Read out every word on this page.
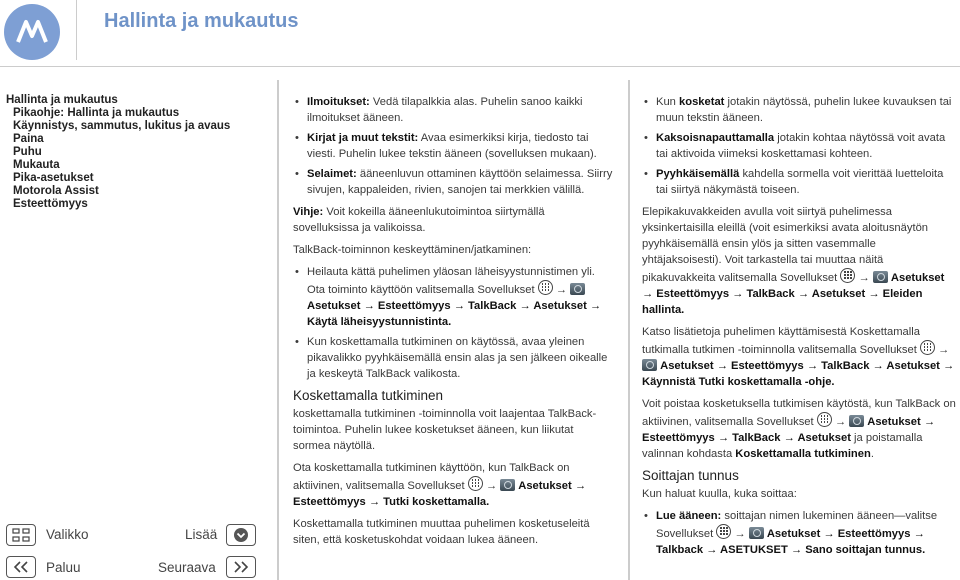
Hallinta ja mukautus
Hallinta ja mukautus
Pikaohje: Hallinta ja mukautus
Käynnistys, sammutus, lukitus ja avaus
Paina
Puhu
Mukauta
Pika-asetukset
Motorola Assist
Esteettömyys
• Ilmoitukset: Vedä tilapalkkia alas. Puhelin sanoo kaikki ilmoitukset ääneen.
• Kirjat ja muut tekstit: Avaa esimerkiksi kirja, tiedosto tai viesti. Puhelin lukee tekstin ääneen (sovelluksen mukaan).
• Selaimet: ääneenluvun ottaminen käyttöön selaimessa. Siirry sivujen, kappaleiden, rivien, sanojen tai merkkien välillä.

Vihje: Voit kokeilla ääneenlukutoimintoa siirtymällä sovelluksissa ja valikoissa.

TalkBack-toiminnon keskeyttäminen/jatkaminen:

• Heilauta kättä puhelimen yläosan läheisyystunnistimen yli. Ota toiminto käyttöön valitsemalla Sovellukset  →  Asetukset → Esteettömyys → TalkBack → Asetukset → Käytä läheisyystunnistinta.
• Kun koskettamalla tutkiminen on käytössä, avaa yleinen pikavalikko pyyhkäisemällä ensin alas ja sen jälkeen oikealle ja keskeytä TalkBack valikosta.
Koskettamalla tutkiminen

koskettamalla tutkiminen -toiminnolla voit laajentaa TalkBack-toimintoa. Puhelin lukee kosketukset ääneen, kun liikutat sormea näytöllä.

Ota koskettamalla tutkiminen käyttöön, kun TalkBack on aktiivinen, valitsemalla Sovellukset  →  Asetukset → Esteettömyys → Tutki koskettamalla.

Koskettamalla tutkiminen muuttaa puhelimen kosketuseleitä siten, että kosketuskohdat voidaan lukea ääneen.

• Kun kosketat jotakin näytössä, puhelin lukee kuvauksen tai muun tekstin ääneen.
• Kaksoisnapauttamalla jotakin kohtaa näytössä voit avata tai aktivoida viimeksi koskettamasi kohteen.
• Pyyhkäisemällä kahdella sormella voit vierittää luetteloita tai siirtyä näkymästä toiseen.

Elepikakuvakkeiden avulla voit siirtyä puhelimessa yksinkertaisilla eleillä (voit esimerkiksi avata aloitusnäytön pyyhkäisemällä ensin ylös ja sitten vasemmalle yhtäjaksoisesti). Voit tarkastella tai muuttaa näitä pikakuvakkeita valitsemalla Sovellukset  →  Asetukset → Esteettömyys → TalkBack → Asetukset → Eleiden hallinta.

Katso lisätietoja puhelimen käyttämisestä Koskettamalla tutkimalla tutkimen -toiminnolla valitsemalla Sovellukset  →  Asetukset → Esteettömyys → TalkBack → Asetukset → Käynnistä Tutki koskettamalla -ohje.

Voit poistaa kosketuksella tutkimisen käytöstä, kun TalkBack on aktiivinen, valitsemalla Sovellukset  →  Asetukset → Esteettömyys → TalkBack → Asetukset ja poistamalla valinnan kohdasta Koskettamalla tutkiminen.

Soittajan tunnus

Kun haluat kuulla, kuka soittaa:

• Lue ääneen: soittajan nimen lukeminen ääneen—valitse Sovellukset  →  Asetukset → Esteettömyys → Talkback → ASETUKSET → Sano soittajan tunnus.
Valikko	Lisää
Paluu	Seuraava
